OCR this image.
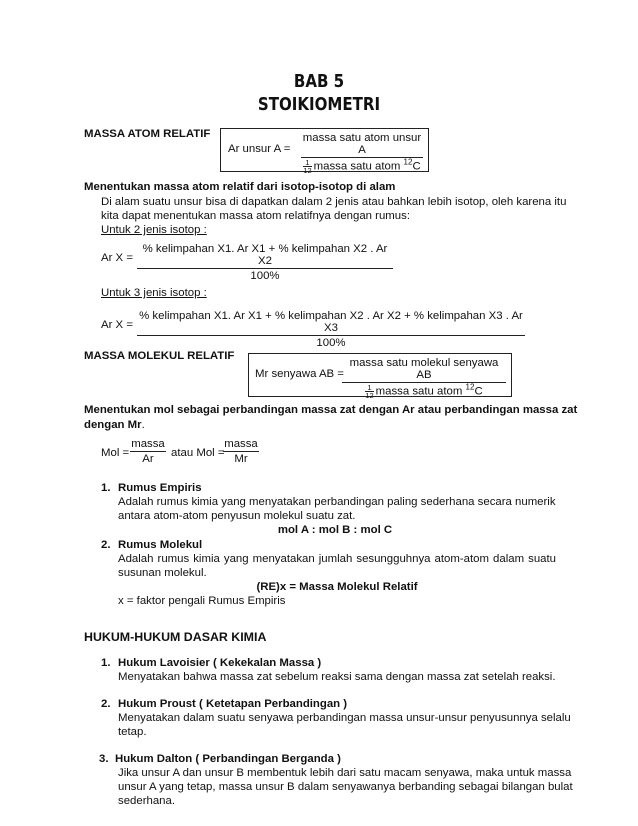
BAB 5
STOIKIOMETRI
MASSA ATOM RELATIF
Ar unsur A =
massa satu atom unsur A
$\frac{1}{12}$ massa satu atom $^{12}$C
Menentukan massa atom relatif dari isotop-isotop di alam
Di alam suatu unsur bisa di dapatkan dalam 2 jenis atau bahkan lebih isotop, oleh karena itu
kita dapat menentukan massa atom relatifnya dengan rumus:
Untuk 2 jenis isotop :
Ar X =
% kelimpahan X1. Ar X1 + % kelimpahan X2 . Ar X2
100%
Untuk 3 jenis isotop :
Ar X =
% kelimpahan X1. Ar X1 + % kelimpahan X2 . Ar X2 + % kelimpahan X3 . Ar X3
100%
MASSA MOLEKUL RELATIF
Mr senyawa AB =
massa satu molekul senyawa AB
$\frac{1}{12}$ massa satu atom $^{12}$C
Menentukan mol sebagai perbandingan massa zat dengan Ar atau perbandingan massa zat
dengan Mr.
Mol =
massa
Ar	atau Mol =
massa
Mr
1. Rumus Empiris
Adalah rumus kimia yang menyatakan perbandingan paling sederhana secara numerik
antara atom-atom penyusun molekul suatu zat.
mol A : mol B : mol C
2. Rumus Molekul
Adalah rumus kimia yang menyatakan jumlah sesungguhnya atom-atom dalam suatu
susunan molekul.
(RE)x = Massa Molekul Relatif
x = faktor pengali Rumus Empiris
HUKUM-HUKUM DASAR KIMIA
1. Hukum Lavoisier ( Kekekalan Massa )
Menyatakan bahwa massa zat sebelum reaksi sama dengan massa zat setelah reaksi.
2. Hukum Proust ( Ketetapan Perbandingan )
Menyatakan dalam suatu senyawa perbandingan massa unsur-unsur penyusunnya selalu
tetap.
3. Hukum Dalton ( Perbandingan Berganda )
Jika unsur A dan unsur B membentuk lebih dari satu macam senyawa, maka untuk massa
unsur A yang tetap, massa unsur B dalam senyawanya berbanding sebagai bilangan bulat
sederhana.
